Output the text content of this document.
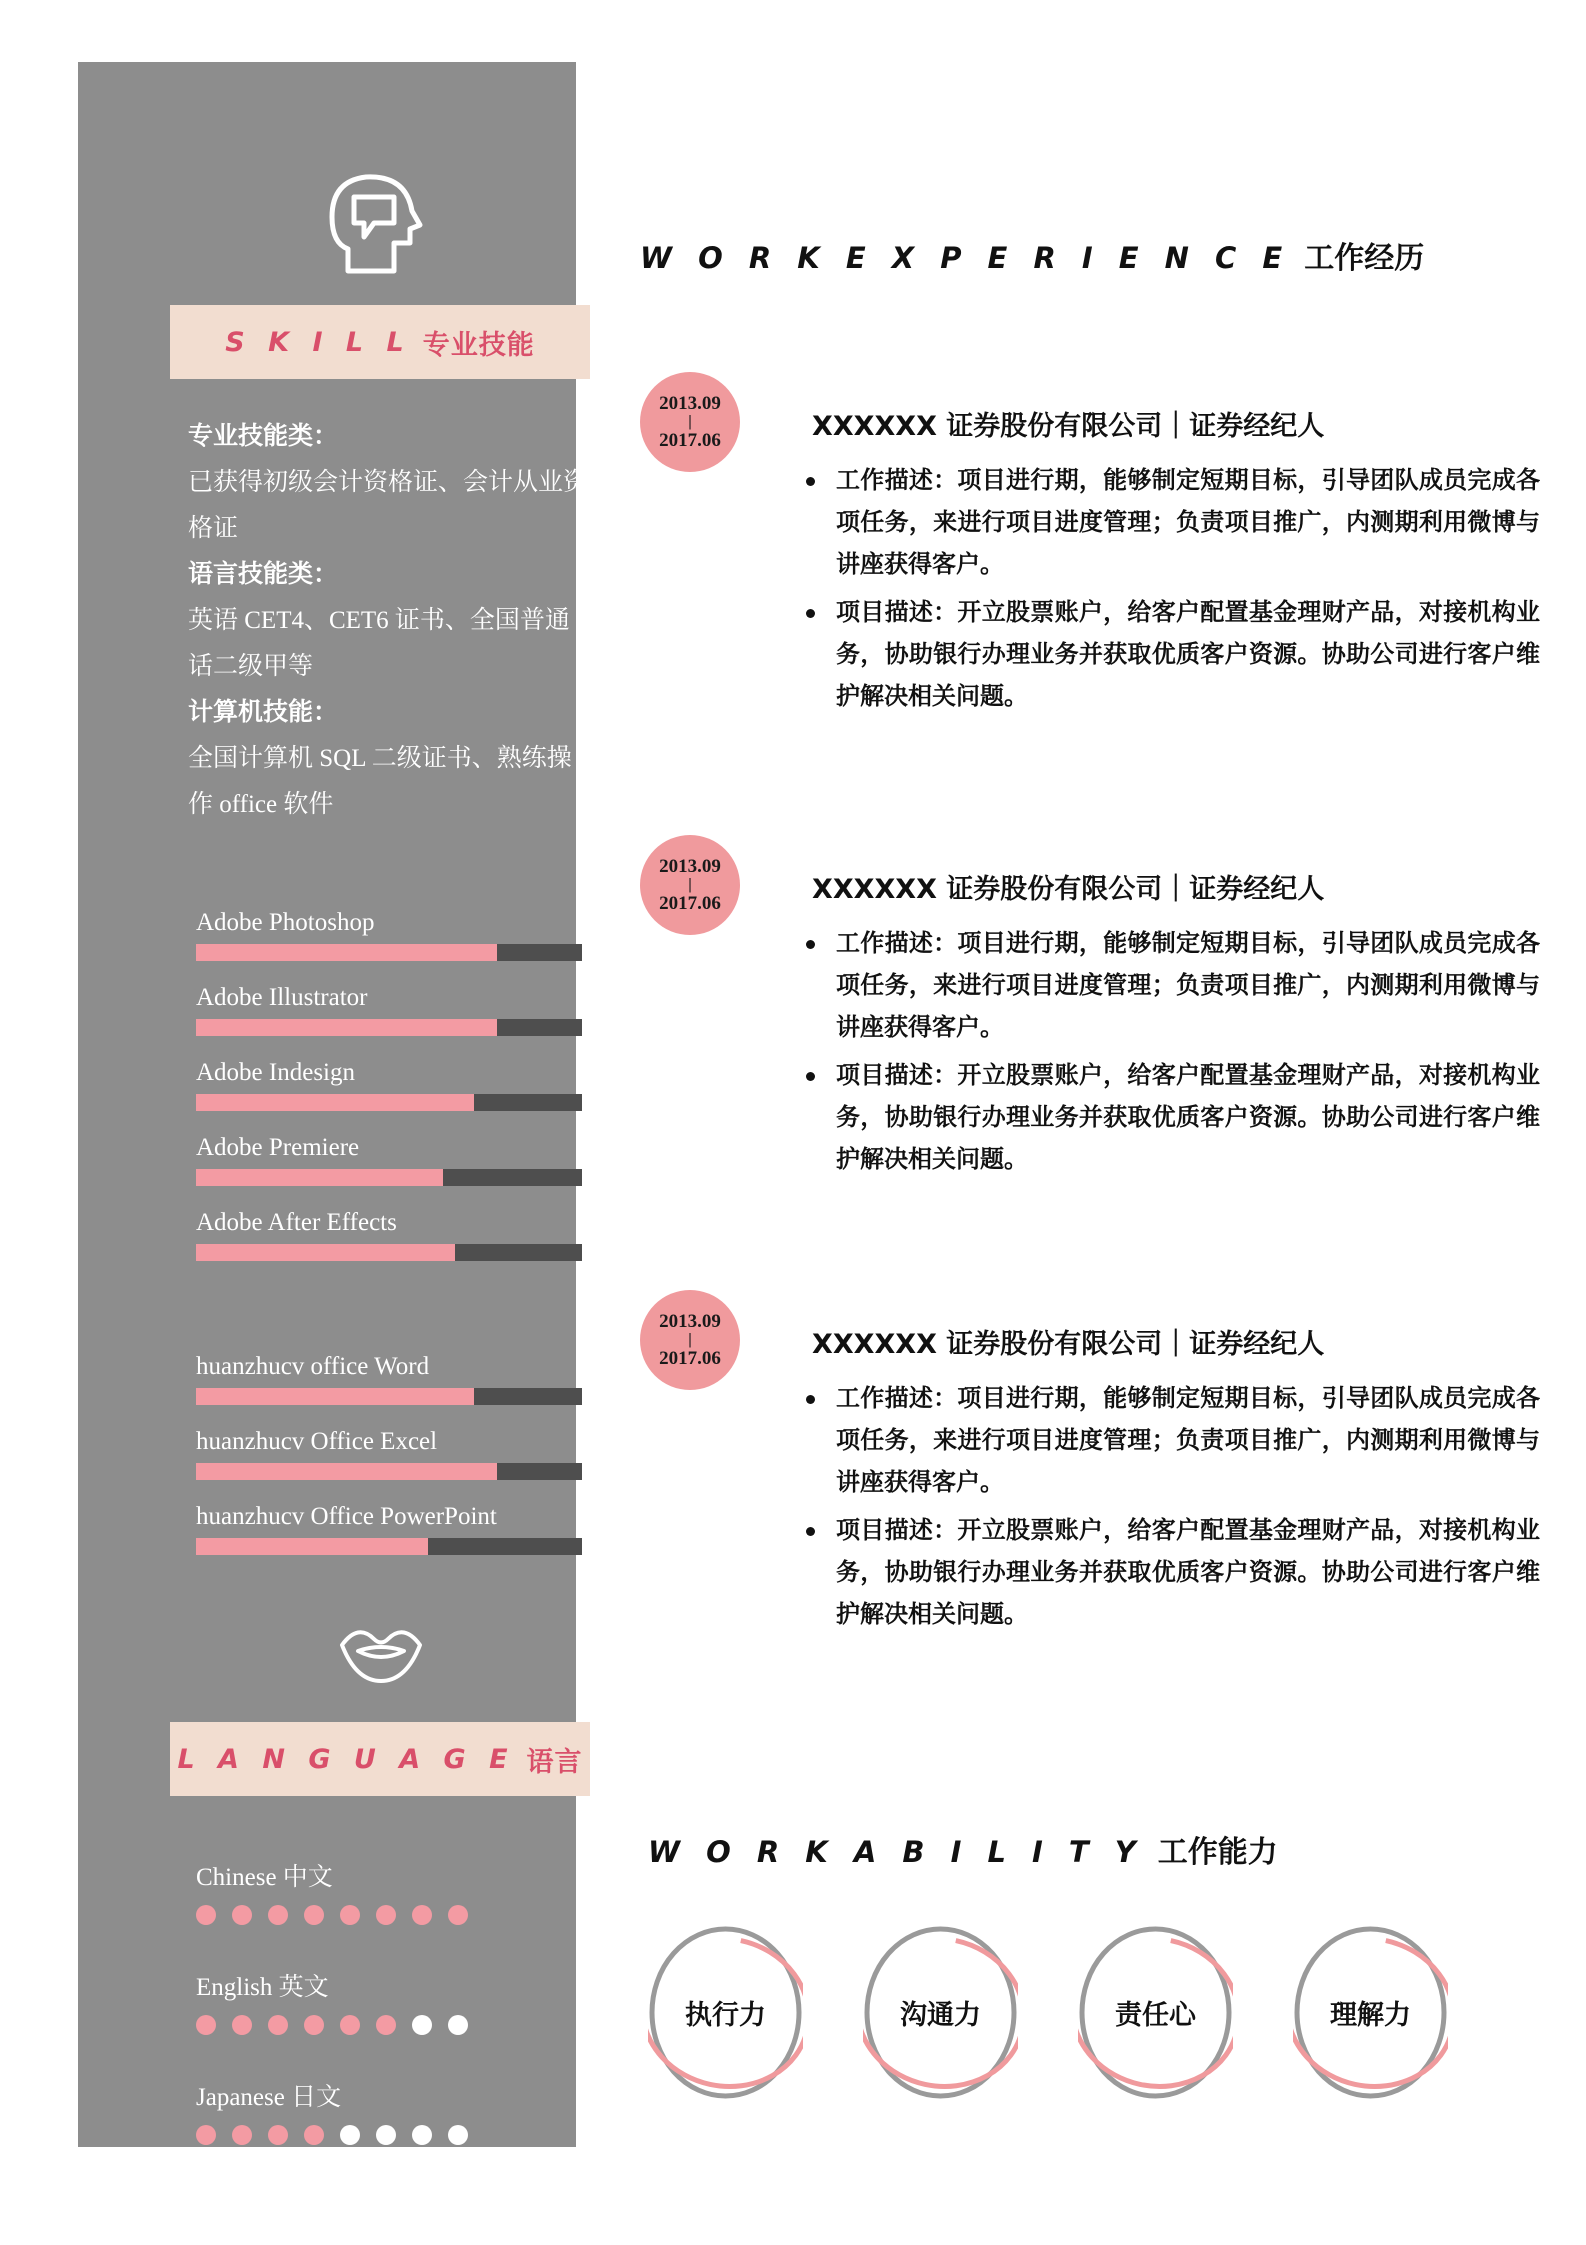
S K I L L 专业技能
专业技能类：
已获得初级会计资格证、会计从业资格证
语言技能类：
英语 CET4、CET6 证书、全国普通话二级甲等
计算机技能：
全国计算机 SQL 二级证书、熟练操作 office 软件
Adobe Photoshop
Adobe Illustrator
Adobe Indesign
Adobe Premiere
Adobe After Effects
huanzhucv office Word
huanzhucv Office Excel
huanzhucv Office PowerPoint
L A N G U A G E 语言
Chinese 中文
English 英文
Japanese 日文
W O R K E X P E R I E N C E 工作经历
2013.09
|
2017.06	XXXXXX 证券股份有限公司｜证券经纪人
工作描述：项目进行期，能够制定短期目标，引导团队成员完成各项任务，来进行项目进度管理；负责项目推广，内测期利用微博与讲座获得客户。
项目描述：开立股票账户，给客户配置基金理财产品，对接机构业务，协助银行办理业务并获取优质客户资源。协助公司进行客户维护解决相关问题。
2013.09
|
2017.06	XXXXXX 证券股份有限公司｜证券经纪人
工作描述：项目进行期，能够制定短期目标，引导团队成员完成各项任务，来进行项目进度管理；负责项目推广，内测期利用微博与讲座获得客户。
项目描述：开立股票账户，给客户配置基金理财产品，对接机构业务，协助银行办理业务并获取优质客户资源。协助公司进行客户维护解决相关问题。
2013.09
|
2017.06	XXXXXX 证券股份有限公司｜证券经纪人
工作描述：项目进行期，能够制定短期目标，引导团队成员完成各项任务，来进行项目进度管理；负责项目推广，内测期利用微博与讲座获得客户。
项目描述：开立股票账户，给客户配置基金理财产品，对接机构业务，协助银行办理业务并获取优质客户资源。协助公司进行客户维护解决相关问题。
W O R K A B I L I T Y 工作能力
执行力	沟通力	责任心	理解力
